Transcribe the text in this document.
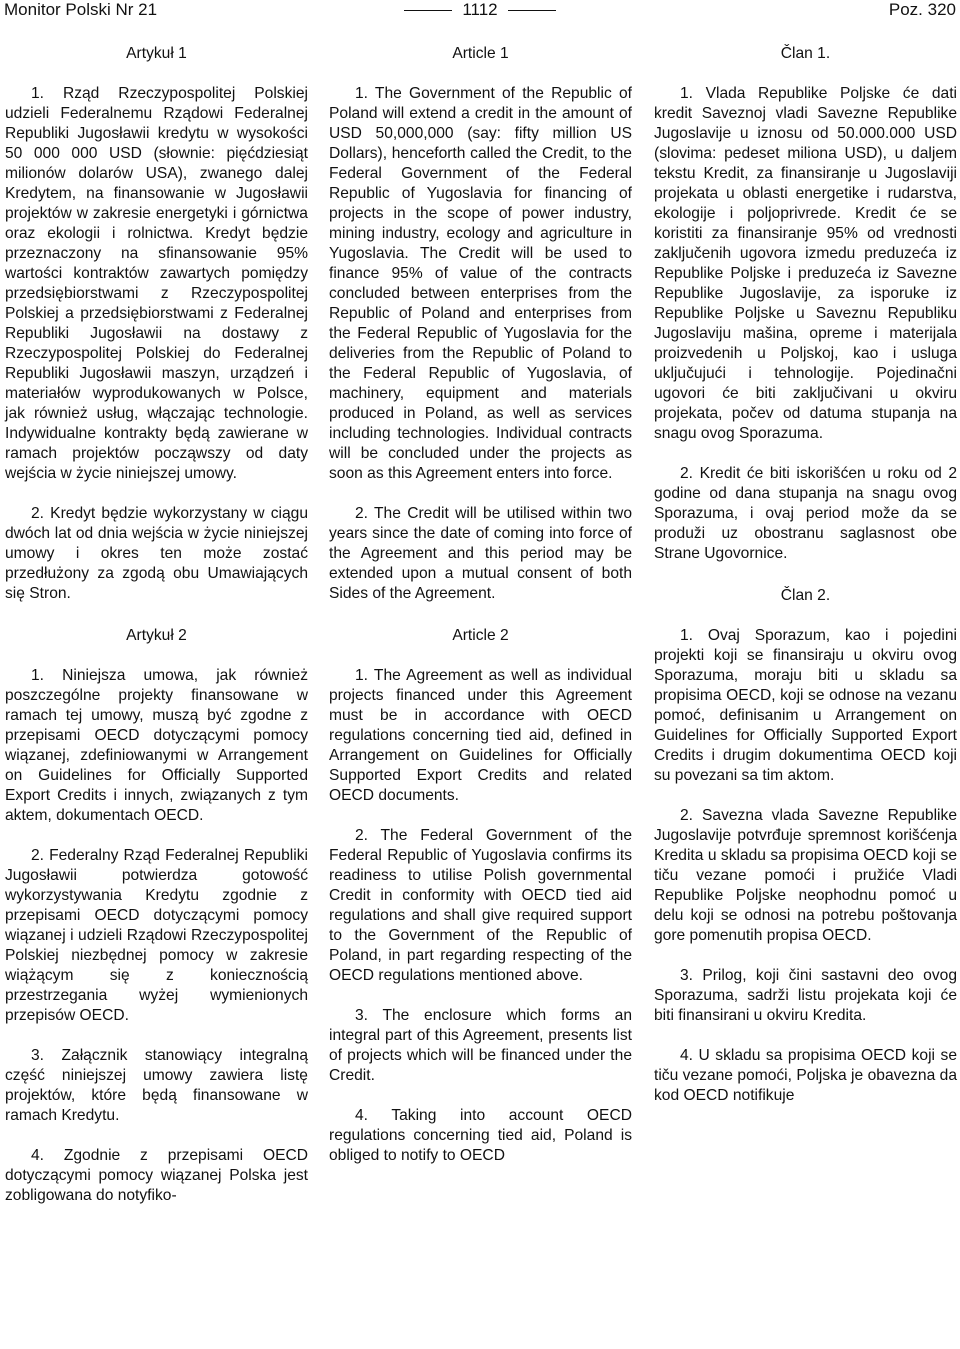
Monitor Polski Nr 21	1112	Poz. 320
Artykuł 1

1. Rząd Rzeczypospolitej Polskiej udzieli Federalnemu Rządowi Federalnej Republiki Jugosławii kredytu w wysokości 50 000 000 USD (słownie: pięćdziesiąt milionów dolarów USA), zwanego dalej Kredytem, na finansowanie w Jugosławii projektów w zakresie energetyki i górnictwa oraz ekologii i rolnictwa. Kredyt będzie przeznaczony na sfinansowanie 95% wartości kontraktów zawartych pomiędzy przedsiębiorstwami z Rzeczypospolitej Polskiej a przedsiębiorstwami z Federalnej Republiki Jugosławii na dostawy z Rzeczypospolitej Polskiej do Federalnej Republiki Jugosławii maszyn, urządzeń i materiałów wyprodukowanych w Polsce, jak również usług, włączając technologie. Indywidualne kontrakty będą zawierane w ramach projektów począwszy od daty wejścia w życie niniejszej umowy.

2. Kredyt będzie wykorzystany w ciągu dwóch lat od dnia wejścia w życie niniejszej umowy i okres ten może zostać przedłużony za zgodą obu Umawiających się Stron.

Artykuł 2

1. Niniejsza umowa, jak również poszczególne projekty finansowane w ramach tej umowy, muszą być zgodne z przepisami OECD dotyczącymi pomocy wiązanej, zdefiniowanymi w Arrangement on Guidelines for Officially Supported Export Credits i innych, związanych z tym aktem, dokumentach OECD.

2. Federalny Rząd Federalnej Republiki Jugosławii potwierdza gotowość wykorzystywania Kredytu zgodnie z przepisami OECD dotyczącymi pomocy wiązanej i udzieli Rządowi Rzeczypospolitej Polskiej niezbędnej pomocy w zakresie wiążącym się z koniecznością przestrzegania wyżej wymienionych przepisów OECD.

3. Załącznik stanowiący integralną część niniejszej umowy zawiera listę projektów, które będą finansowane w ramach Kredytu.

4. Zgodnie z przepisami OECD dotyczącymi pomocy wiązanej Polska jest zobligowana do notyfiko-

Article 1

1. The Government of the Republic of Poland will extend a credit in the amount of USD 50,000,000 (say: fifty million US Dollars), henceforth called the Credit, to the Federal Government of the Federal Republic of Yugoslavia for financing of projects in the scope of power industry, mining industry, ecology and agriculture in Yugoslavia. The Credit will be used to finance 95% of value of the contracts concluded between enterprises from the Republic of Poland and enterprises from the Federal Republic of Yugoslavia for the deliveries from the Republic of Poland to the Federal Republic of Yugoslavia, of machinery, equipment and materials produced in Poland, as well as services including technologies. Individual contracts will be concluded under the projects as soon as this Agreement enters into force.

2. The Credit will be utilised within two years since the date of coming into force of the Agreement and this period may be extended upon a mutual consent of both Sides of the Agreement.

Article 2

1. The Agreement as well as individual projects financed under this Agreement must be in accordance with OECD regulations concerning tied aid, defined in Arrangement on Guidelines for Officially Supported Export Credits and related OECD documents.

2. The Federal Government of the Federal Republic of Yugoslavia confirms its readiness to utilise Polish governmental Credit in conformity with OECD tied aid regulations and shall give required support to the Government of the Republic of Poland, in part regarding respecting of the OECD regulations mentioned above.

3. The enclosure which forms an integral part of this Agreement, presents list of projects which will be financed under the Credit.

4. Taking into account OECD regulations concerning tied aid, Poland is obliged to notify to OECD

Član 1.

1. Vlada Republike Poljske će dati kredit Saveznoj vladi Savezne Republike Jugoslavije u iznosu od 50.000.000 USD (slovima: pedeset miliona USD), u daljem tekstu Kredit, za finansiranje u Jugoslaviji projekata u oblasti energetike i rudarstva, ekologije i poljoprivrede. Kredit će se koristiti za finansiranje 95% od vrednosti zaključenih ugovora izmedu preduzeća iz Republike Poljske i preduzeća iz Savezne Republike Jugoslavije, za isporuke iz Republike Poljske u Saveznu Republiku Jugoslaviju mašina, opreme i materijala proizvedenih u Poljskoj, kao i usluga uključujući i tehnologije. Pojedinačni ugovori će biti zaključivani u okviru projekata, počev od datuma stupanja na snagu ovog Sporazuma.

2. Kredit će biti iskorišćen u roku od 2 godine od dana stupanja na snagu ovog Sporazuma, i ovaj period može da se produži uz obostranu saglasnost obe Strane Ugovornice.

Član 2.

1. Ovaj Sporazum, kao i pojedini projekti koji se finansiraju u okviru ovog Sporazuma, moraju biti u skladu sa propisima OECD, koji se odnose na vezanu pomoć, definisanim u Arrangement on Guidelines for Officially Supported Export Credits i drugim dokumentima OECD koji su povezani sa tim aktom.

2. Savezna vlada Savezne Republike Jugoslavije potvrđuje spremnost korišćenja Kredita u skladu sa propisima OECD koji se tiču vezane pomoći i pružiće Vladi Republike Poljske neophodnu pomoć u delu koji se odnosi na potrebu poštovanja gore pomenutih propisa OECD.

3. Prilog, koji čini sastavni deo ovog Sporazuma, sadrži listu projekata koji će biti finansirani u okviru Kredita.

4. U skladu sa propisima OECD koji se tiču vezane pomoći, Poljska je obavezna da kod OECD notifikuje
